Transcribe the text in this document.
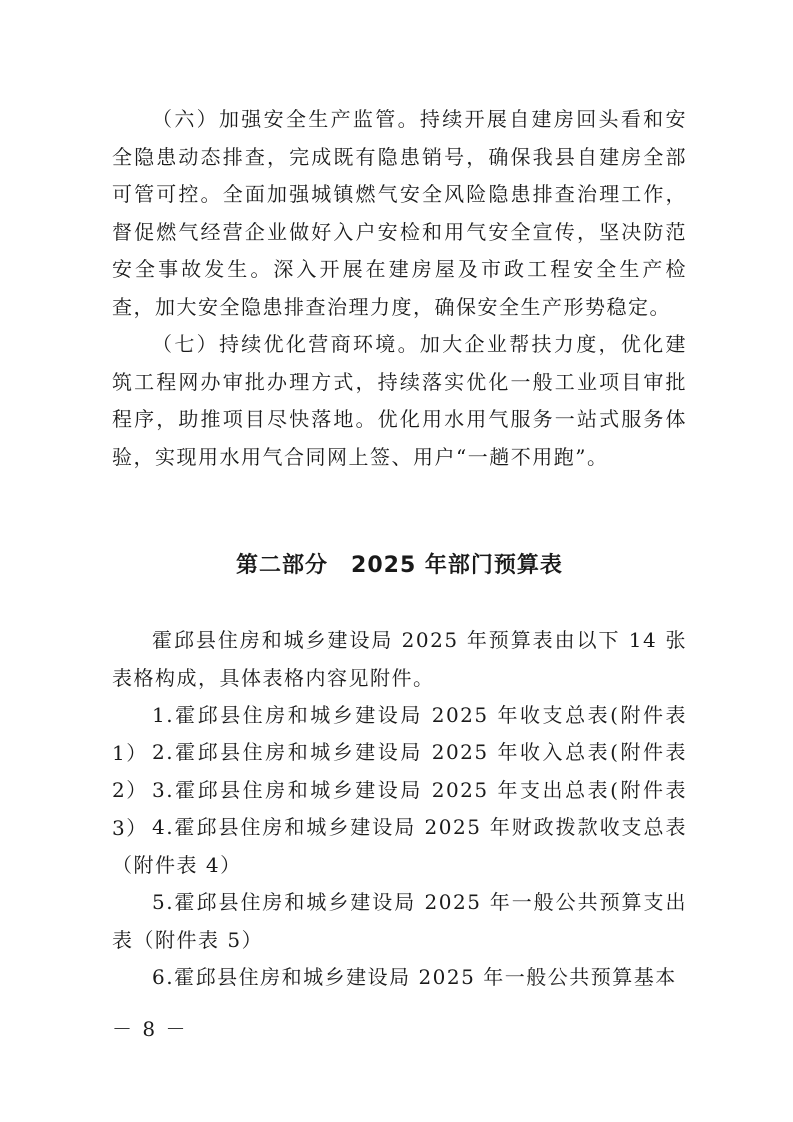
（六）加强安全生产监管。持续开展自建房回头看和安全隐患动态排查，完成既有隐患销号，确保我县自建房全部可管可控。全面加强城镇燃气安全风险隐患排查治理工作，督促燃气经营企业做好入户安检和用气安全宣传，坚决防范安全事故发生。深入开展在建房屋及市政工程安全生产检查，加大安全隐患排查治理力度，确保安全生产形势稳定。

（七）持续优化营商环境。加大企业帮扶力度，优化建筑工程网办审批办理方式，持续落实优化一般工业项目审批程序，助推项目尽快落地。优化用水用气服务一站式服务体验，实现用水用气合同网上签、用户“一趟不用跑”。

第二部分　2025 年部门预算表

霍邱县住房和城乡建设局 2025 年预算表由以下 14 张表格构成，具体表格内容见附件。

1.霍邱县住房和城乡建设局 2025 年收支总表(附件表 1） 2.霍邱县住房和城乡建设局 2025 年收入总表(附件表 2） 3.霍邱县住房和城乡建设局 2025 年支出总表(附件表 3） 4.霍邱县住房和城乡建设局 2025 年财政拨款收支总表（附件表 4）

5.霍邱县住房和城乡建设局 2025 年一般公共预算支出表（附件表 5）

6.霍邱县住房和城乡建设局 2025 年一般公共预算基本

－ 8 －
